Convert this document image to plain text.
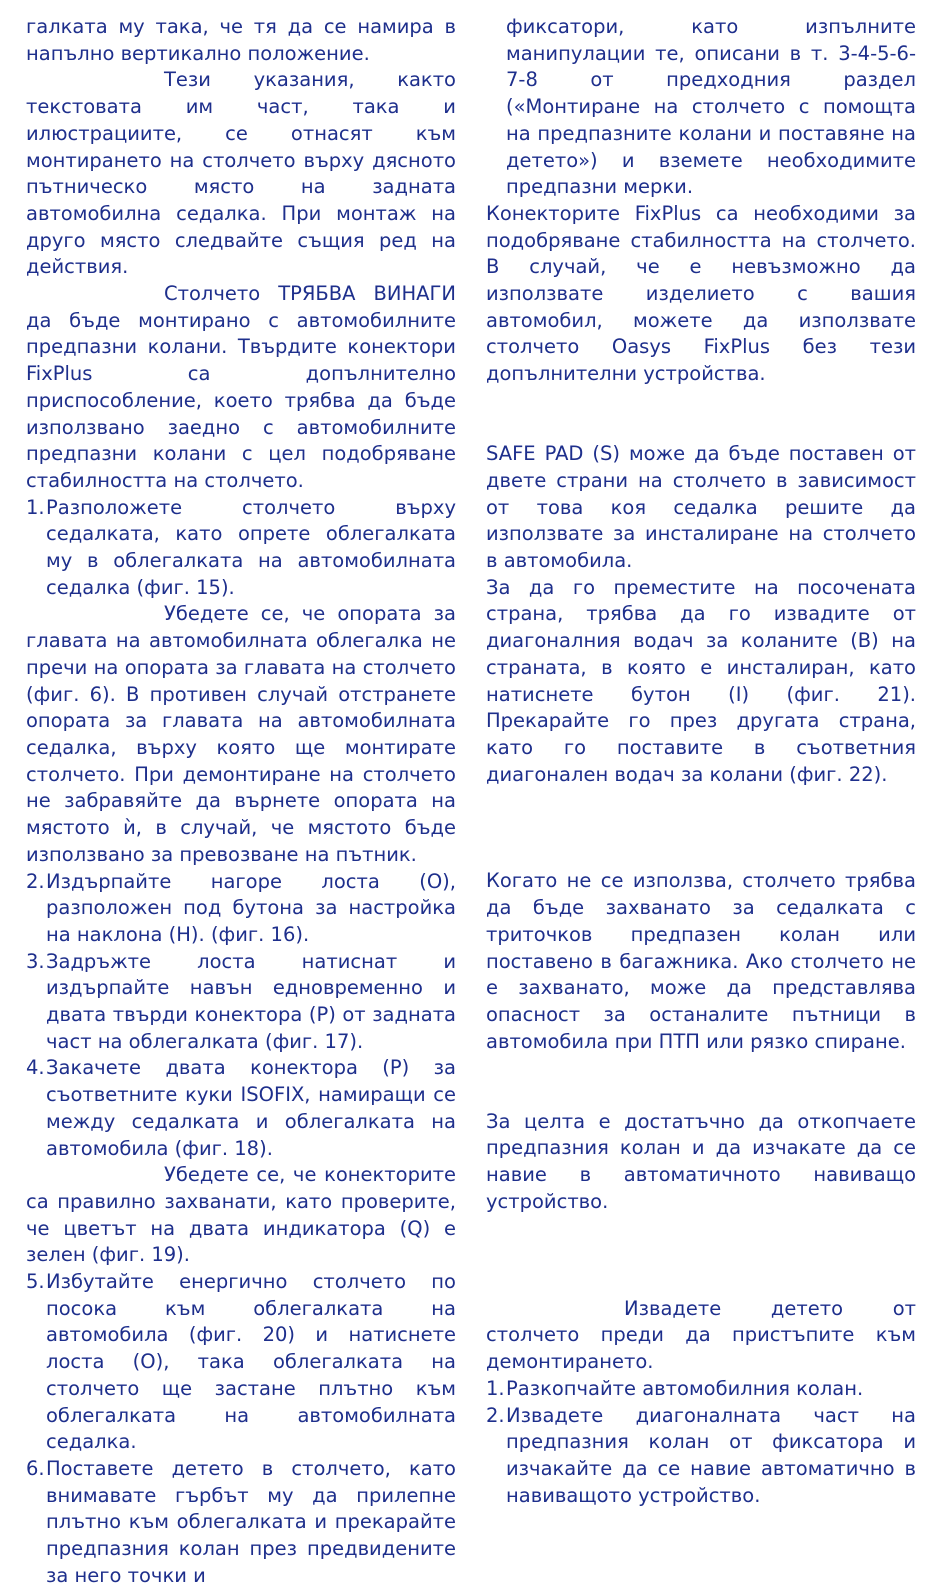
галката му така, че тя да се намира в напълно вертикално положение.

Тези указания, както текстовата им част, така и илюстрациите, се отнасят към монтирането на столчето върху дясното пътническо място на задната автомобилна седалка. При монтаж на друго място следвайте същия ред на действия.

Столчето ТРЯБВА ВИНАГИ да бъде монтирано с автомобилните предпазни колани. Твърдите конектори FixPlus са допълнително приспособление, което трябва да бъде използвано заедно с автомобилните предпазни колани с цел подобряване стабилността на столчето.

1. Разположете столчето върху седалката, като опрете облегалката му в облегалката на автомобилната седалка (фиг. 15).

Убедете се, че опората за главата на автомобилната облегалка не пречи на опората за главата на столчето (фиг. 6). В противен случай отстранете опората за главата на автомобилната седалка, върху която ще монтирате столчето. При демонтиране на столчето не забравяйте да върнете опората на мястото ѝ, в случай, че мястото бъде използвано за превозване на пътник.

2. Издърпайте нагоре лоста (О), разположен под бутона за настройка на наклона (Н). (фиг. 16).
3. Задръжте лоста натиснат и издърпайте навън едновременно и двата твърди конектора (Р) от задната част на облегалката (фиг. 17).
4. Закачете двата конектора (Р) за съответните куки ISOFIX, намиращи се между седалката и облегалката на автомобила (фиг. 18).

Убедете се, че конекторите са правилно захванати, като проверите, че цветът на двата индикатора (Q) е зелен (фиг. 19).

5. Избутайте енергично столчето по посока към облегалката на автомобила (фиг. 20) и натиснете лоста (О), така облегалката на столчето ще застане плътно към облегалката на автомобилната седалка.
6. Поставете детето в столчето, като внимавате гърбът му да прилепне плътно към облегалката и прекарайте предпазния колан през предвидените за него точки и

фиксатори, като изпълните манипулации те, описани в т. 3-4-5-6-7-8 от предходния раздел («Монтиране на столчето с помощта на предпазните колани и поставяне на детето») и вземете необходимите предпазни мерки.

Конекторите FixPlus са необходими за подобряване стабилността на столчето. В случай, че е невъзможно да използвате изделието с вашия автомобил, можете да използвате столчето Oasys FixPlus без тези допълнителни устройства.

SAFE PAD (S) може да бъде поставен от двете страни на столчето в зависимост от това коя седалка решите да използвате за инсталиране на столчето в автомобила.

За да го преместите на посочената страна, трябва да го извадите от диагоналния водач за коланите (В) на страната, в която е инсталиран, като натиснете бутон (I) (фиг. 21). Прекарайте го през другата страна, като го поставите в съответния диагонален водач за колани (фиг. 22).

Когато не се използва, столчето трябва да бъде захванато за седалката с триточков предпазен колан или поставено в багажника. Ако столчето не е захванато, може да представлява опасност за останалите пътници в автомобила при ПТП или рязко спиране.

За целта е достатъчно да откопчаете предпазния колан и да изчакате да се навие в автоматичното навиващо устройство.

Извадете детето от столчето преди да пристъпите към демонтирането.

1. Разкопчайте автомобилния колан.
2. Извадете диагоналната част на предпазния колан от фиксатора и изчакайте да се навие автоматично в навиващото устройство.
